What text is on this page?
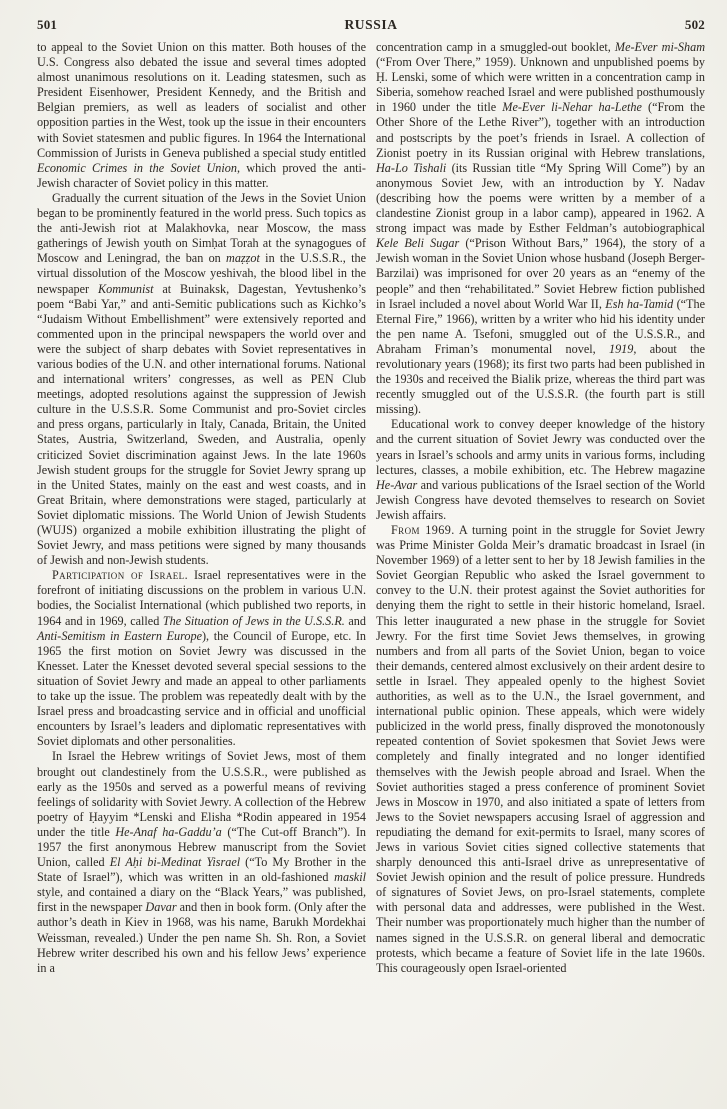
501	RUSSIA	502

to appeal to the Soviet Union on this matter. Both houses of the U.S. Congress also debated the issue and several times adopted almost unanimous resolutions on it. Leading statesmen, such as President Eisenhower, President Kennedy, and the British and Belgian premiers, as well as leaders of socialist and other opposition parties in the West, took up the issue in their encounters with Soviet statesmen and public figures. In 1964 the International Commission of Jurists in Geneva published a special study entitled Economic Crimes in the Soviet Union, which proved the anti-Jewish character of Soviet policy in this matter.

Gradually the current situation of the Jews in the Soviet Union began to be prominently featured in the world press. Such topics as the anti-Jewish riot at Malakhovka, near Moscow, the mass gatherings of Jewish youth on Simḥat Torah at the synagogues of Moscow and Leningrad, the ban on maẓẓot in the U.S.S.R., the virtual dissolution of the Moscow yeshivah, the blood libel in the newspaper Kommunist at Buinaksk, Dagestan, Yevtushenko’s poem “Babi Yar,” and anti-Semitic publications such as Kichko’s “Judaism Without Embellishment” were extensively reported and commented upon in the principal newspapers the world over and were the subject of sharp debates with Soviet representatives in various bodies of the U.N. and other international forums. National and international writers’ congresses, as well as PEN Club meetings, adopted resolutions against the suppression of Jewish culture in the U.S.S.R. Some Communist and pro-Soviet circles and press organs, particularly in Italy, Canada, Britain, the United States, Austria, Switzerland, Sweden, and Australia, openly criticized Soviet discrimination against Jews. In the late 1960s Jewish student groups for the struggle for Soviet Jewry sprang up in the United States, mainly on the east and west coasts, and in Great Britain, where demonstrations were staged, particularly at Soviet diplomatic missions. The World Union of Jewish Students (WUJS) organized a mobile exhibition illustrating the plight of Soviet Jewry, and mass petitions were signed by many thousands of Jewish and non-Jewish students.

Participation of Israel. Israel representatives were in the forefront of initiating discussions on the problem in various U.N. bodies, the Socialist International (which published two reports, in 1964 and in 1969, called The Situation of Jews in the U.S.S.R. and Anti-Semitism in Eastern Europe), the Council of Europe, etc. In 1965 the first motion on Soviet Jewry was discussed in the Knesset. Later the Knesset devoted several special sessions to the situation of Soviet Jewry and made an appeal to other parliaments to take up the issue. The problem was repeatedly dealt with by the Israel press and broadcasting service and in official and unofficial encounters by Israel’s leaders and diplomatic representatives with Soviet diplomats and other personalities.

In Israel the Hebrew writings of Soviet Jews, most of them brought out clandestinely from the U.S.S.R., were published as early as the 1950s and served as a powerful means of reviving feelings of solidarity with Soviet Jewry. A collection of the Hebrew poetry of Ḥayyim *Lenski and Elisha *Rodin appeared in 1954 under the title He-Anaf ha-Gaddu’a (“The Cut-off Branch”). In 1957 the first anonymous Hebrew manuscript from the Soviet Union, called El Aḥi bi-Medinat Yisrael (“To My Brother in the State of Israel”), which was written in an old-fashioned maskil style, and contained a diary on the “Black Years,” was published, first in the newspaper Davar and then in book form. (Only after the author’s death in Kiev in 1968, was his name, Barukh Mordekhai Weissman, revealed.) Under the pen name Sh. Sh. Ron, a Soviet Hebrew writer described his own and his fellow Jews’ experience in a

concentration camp in a smuggled-out booklet, Me-Ever mi-Sham (“From Over There,” 1959). Unknown and unpublished poems by Ḥ. Lenski, some of which were written in a concentration camp in Siberia, somehow reached Israel and were published posthumously in 1960 under the title Me-Ever li-Nehar ha-Lethe (“From the Other Shore of the Lethe River”), together with an introduction and postscripts by the poet’s friends in Israel. A collection of Zionist poetry in its Russian original with Hebrew translations, Ha-Lo Tishali (its Russian title “My Spring Will Come”) by an anonymous Soviet Jew, with an introduction by Y. Nadav (describing how the poems were written by a member of a clandestine Zionist group in a labor camp), appeared in 1962. A strong impact was made by Esther Feldman’s autobiographical Kele Beli Sugar (“Prison Without Bars,” 1964), the story of a Jewish woman in the Soviet Union whose husband (Joseph Berger-Barzilai) was imprisoned for over 20 years as an “enemy of the people” and then “rehabilitated.” Soviet Hebrew fiction published in Israel included a novel about World War II, Esh ha-Tamid (“The Eternal Fire,” 1966), written by a writer who hid his identity under the pen name A. Tsefoni, smuggled out of the U.S.S.R., and Abraham Friman’s monumental novel, 1919, about the revolutionary years (1968); its first two parts had been published in the 1930s and received the Bialik prize, whereas the third part was recently smuggled out of the U.S.S.R. (the fourth part is still missing).

Educational work to convey deeper knowledge of the history and the current situation of Soviet Jewry was conducted over the years in Israel’s schools and army units in various forms, including lectures, classes, a mobile exhibition, etc. The Hebrew magazine He-Avar and various publications of the Israel section of the World Jewish Congress have devoted themselves to research on Soviet Jewish affairs.

From 1969. A turning point in the struggle for Soviet Jewry was Prime Minister Golda Meir’s dramatic broadcast in Israel (in November 1969) of a letter sent to her by 18 Jewish families in the Soviet Georgian Republic who asked the Israel government to convey to the U.N. their protest against the Soviet authorities for denying them the right to settle in their historic homeland, Israel. This letter inaugurated a new phase in the struggle for Soviet Jewry. For the first time Soviet Jews themselves, in growing numbers and from all parts of the Soviet Union, began to voice their demands, centered almost exclusively on their ardent desire to settle in Israel. They appealed openly to the highest Soviet authorities, as well as to the U.N., the Israel government, and international public opinion. These appeals, which were widely publicized in the world press, finally disproved the monotonously repeated contention of Soviet spokesmen that Soviet Jews were completely and finally integrated and no longer identified themselves with the Jewish people abroad and Israel. When the Soviet authorities staged a press conference of prominent Soviet Jews in Moscow in 1970, and also initiated a spate of letters from Jews to the Soviet newspapers accusing Israel of aggression and repudiating the demand for exit-permits to Israel, many scores of Jews in various Soviet cities signed collective statements that sharply denounced this anti-Israel drive as unrepresentative of Soviet Jewish opinion and the result of police pressure. Hundreds of signatures of Soviet Jews, on pro-Israel statements, complete with personal data and addresses, were published in the West. Their number was proportionately much higher than the number of names signed in the U.S.S.R. on general liberal and democratic protests, which became a feature of Soviet life in the late 1960s. This courageously open Israel-oriented
